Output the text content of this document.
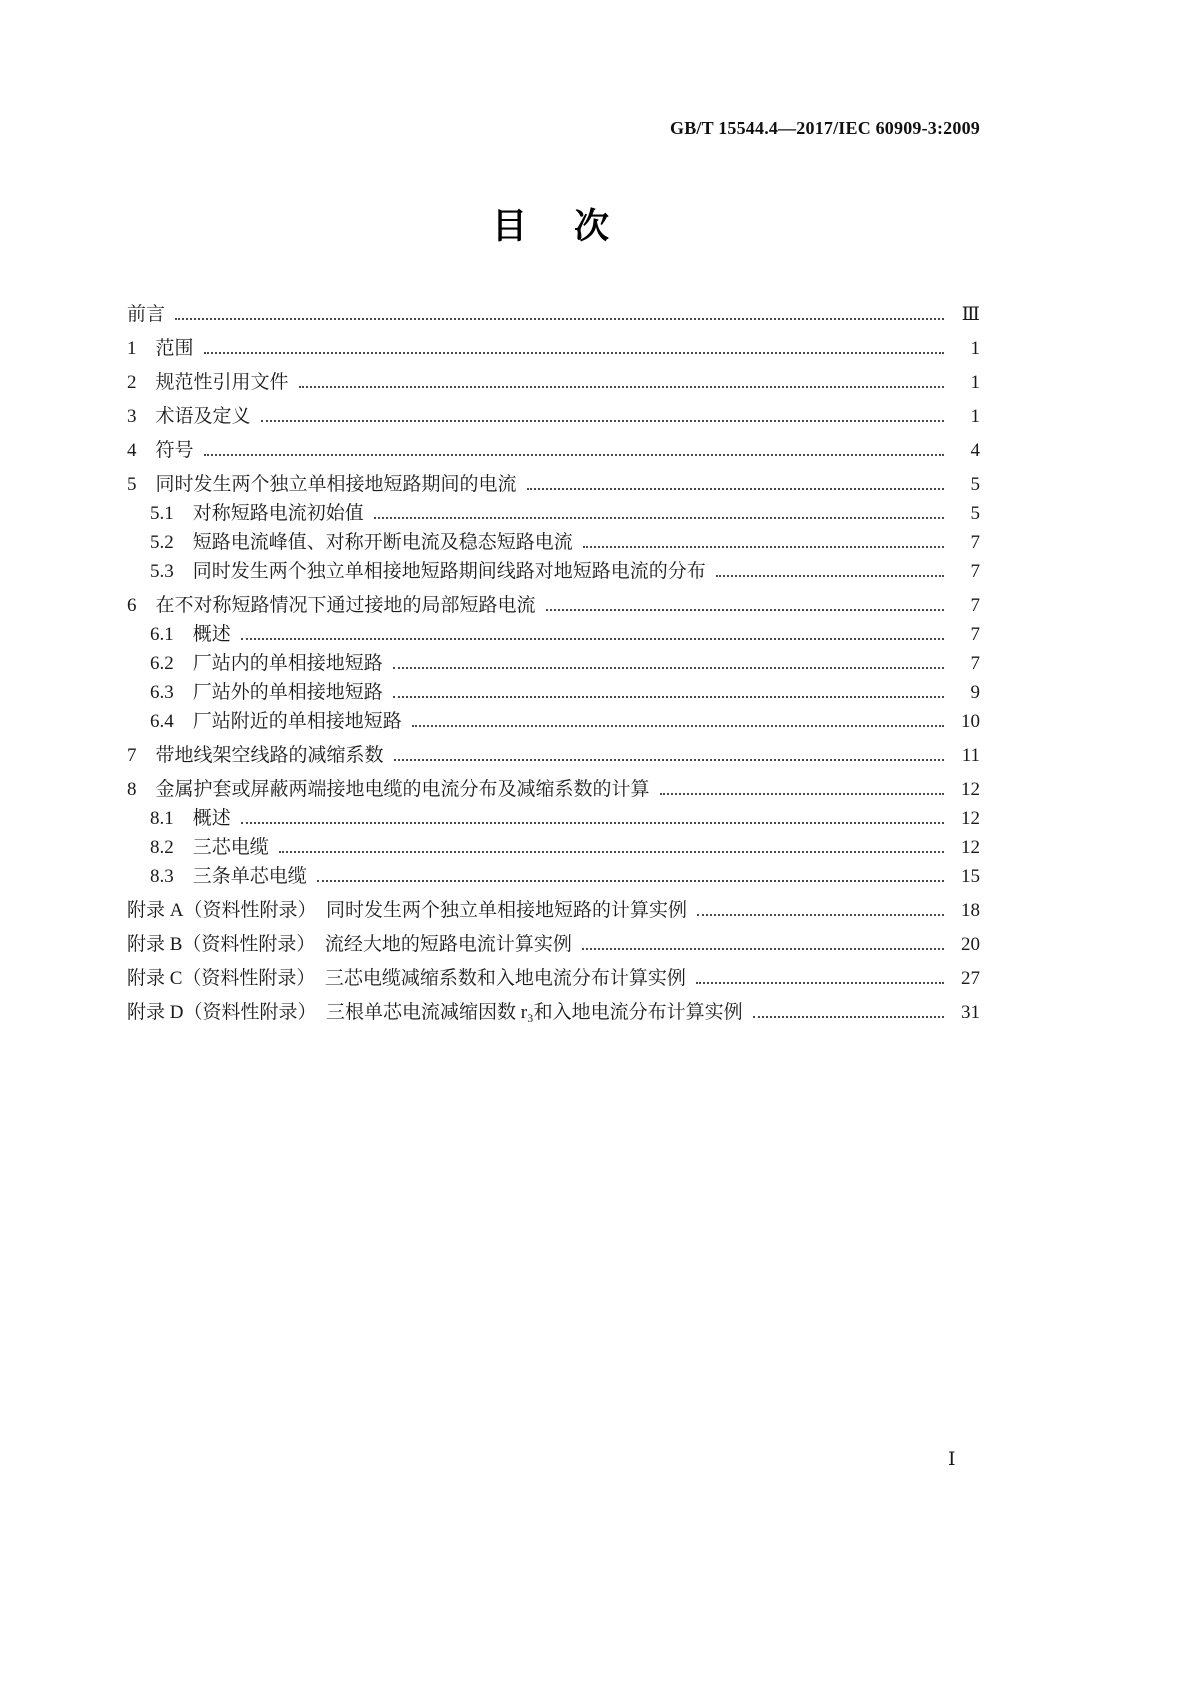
GB/T 15544.4—2017/IEC 60909-3:2009
目　次
前言	Ⅲ
1　范围	1
2　规范性引用文件	1
3　术语及定义	1
4　符号	4
5　同时发生两个独立单相接地短路期间的电流	5
5.1　对称短路电流初始值	5
5.2　短路电流峰值、对称开断电流及稳态短路电流	7
5.3　同时发生两个独立单相接地短路期间线路对地短路电流的分布	7
6　在不对称短路情况下通过接地的局部短路电流	7
6.1　概述	7
6.2　厂站内的单相接地短路	7
6.3　厂站外的单相接地短路	9
6.4　厂站附近的单相接地短路	10
7　带地线架空线路的减缩系数	11
8　金属护套或屏蔽两端接地电缆的电流分布及减缩系数的计算	12
8.1　概述	12
8.2　三芯电缆	12
8.3　三条单芯电缆	15
附录 A（资料性附录）　同时发生两个独立单相接地短路的计算实例	18
附录 B（资料性附录）　流经大地的短路电流计算实例	20
附录 C（资料性附录）　三芯电缆减缩系数和入地电流分布计算实例	27
附录 D（资料性附录）　三根单芯电流减缩因数 r₃和入地电流分布计算实例	31
Ⅰ
